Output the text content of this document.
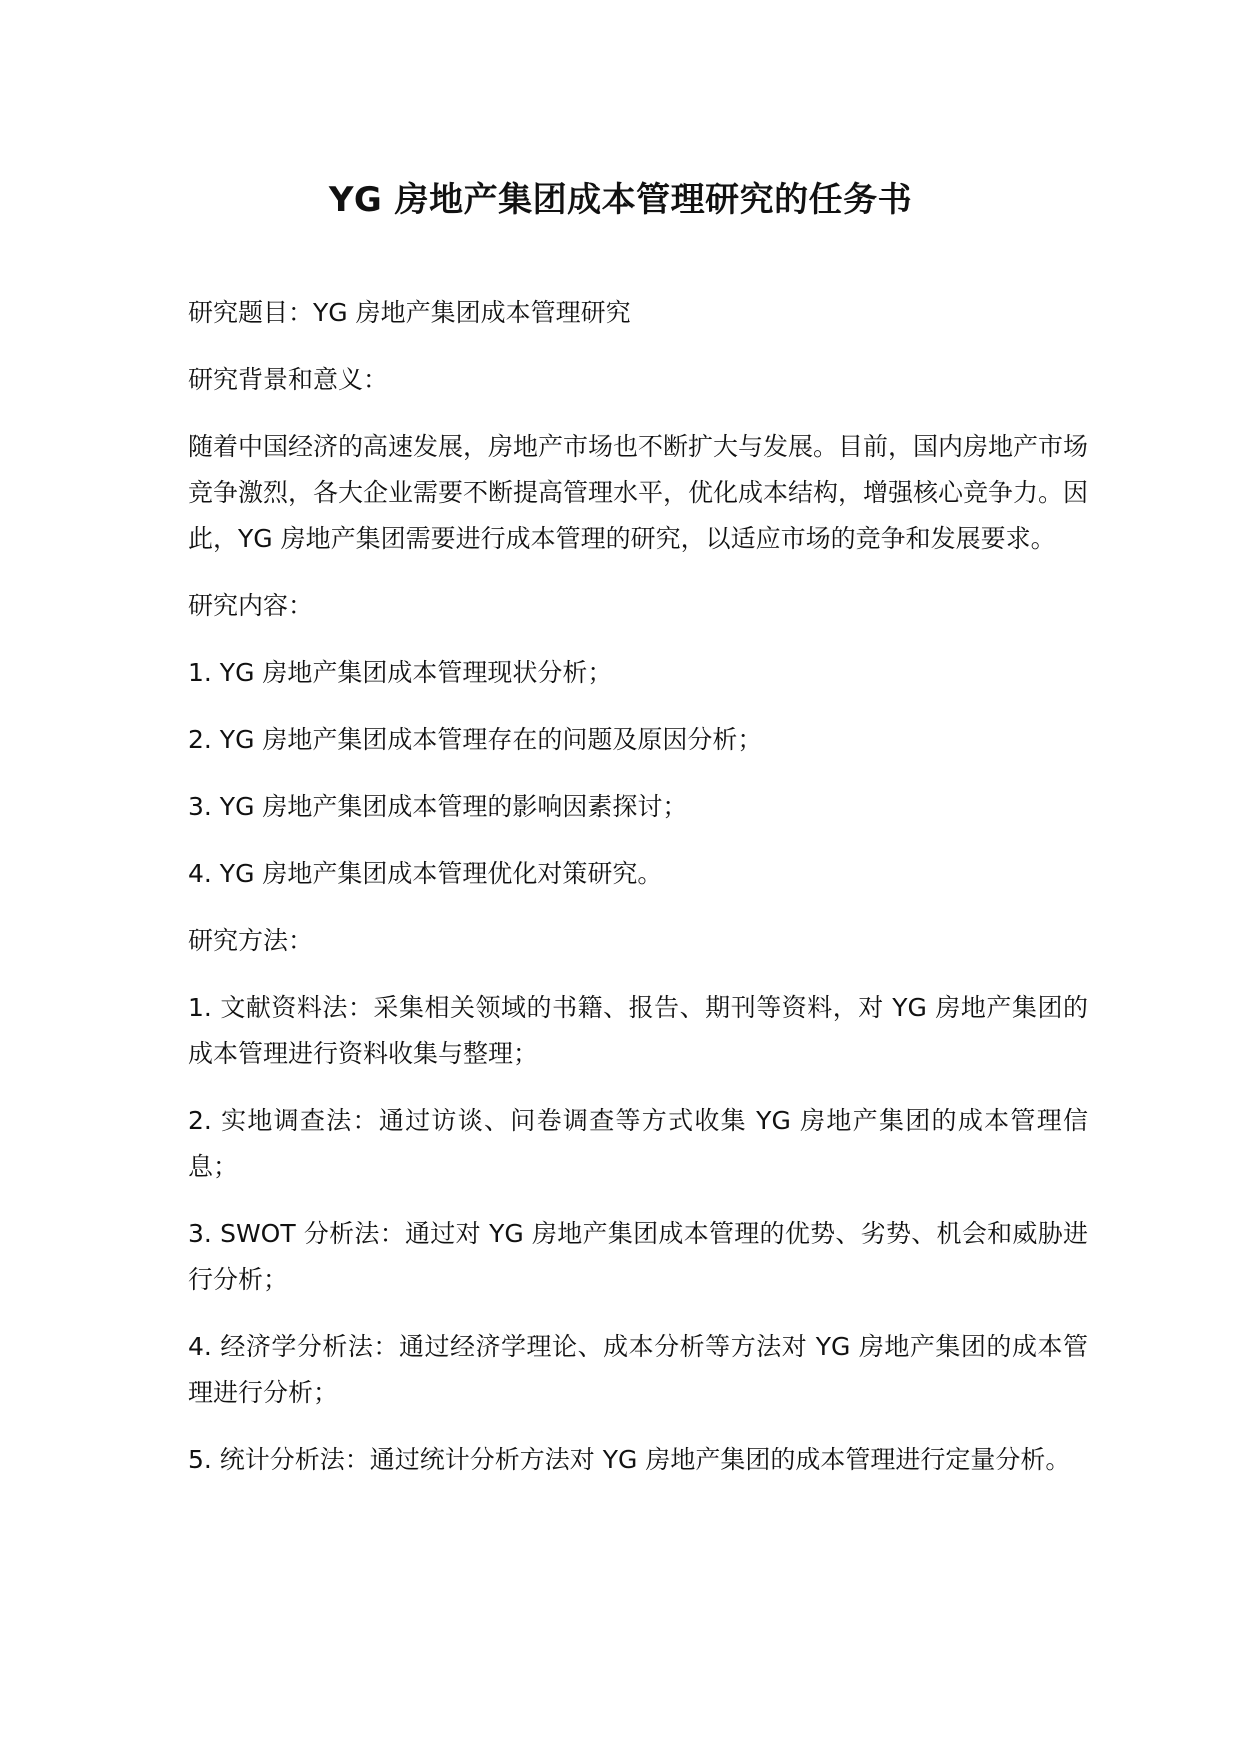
YG 房地产集团成本管理研究的任务书

研究题目：YG 房地产集团成本管理研究

研究背景和意义：

随着中国经济的高速发展，房地产市场也不断扩大与发展。目前，国内房地产市场竞争激烈，各大企业需要不断提高管理水平，优化成本结构，增强核心竞争力。因此，YG 房地产集团需要进行成本管理的研究，以适应市场的竞争和发展要求。

研究内容：

1. YG 房地产集团成本管理现状分析；

2. YG 房地产集团成本管理存在的问题及原因分析；

3. YG 房地产集团成本管理的影响因素探讨；

4. YG 房地产集团成本管理优化对策研究。

研究方法：

1. 文献资料法：采集相关领域的书籍、报告、期刊等资料，对 YG 房地产集团的成本管理进行资料收集与整理；

2. 实地调查法：通过访谈、问卷调查等方式收集 YG 房地产集团的成本管理信息；

3. SWOT 分析法：通过对 YG 房地产集团成本管理的优势、劣势、机会和威胁进行分析；

4. 经济学分析法：通过经济学理论、成本分析等方法对 YG 房地产集团的成本管理进行分析；

5. 统计分析法：通过统计分析方法对 YG 房地产集团的成本管理进行定量分析。
